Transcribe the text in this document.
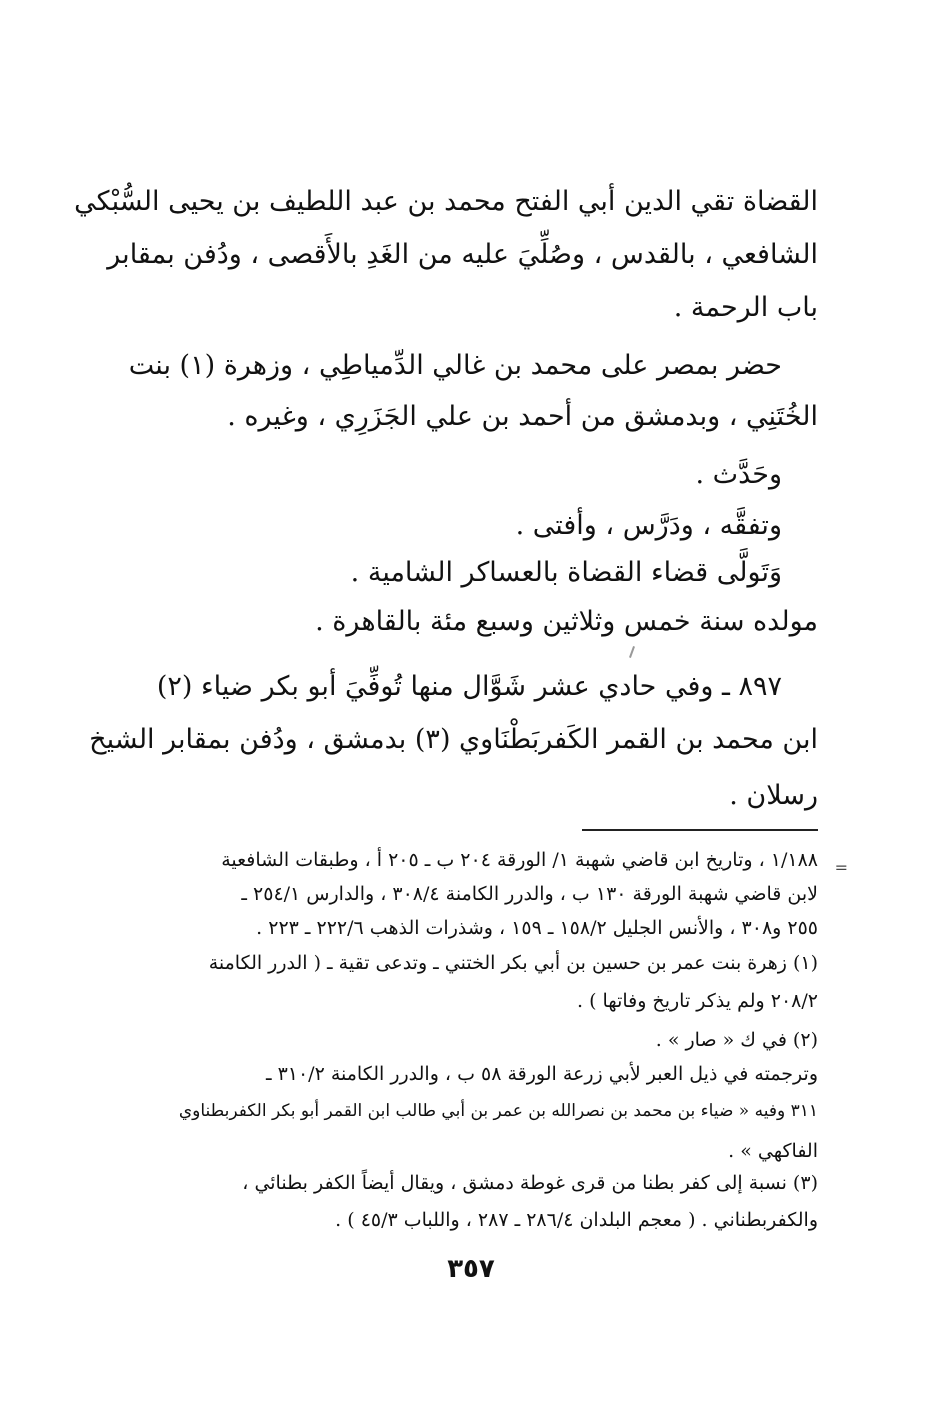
القضاة تقي الدين أبي الفتح محمد بن عبد اللطيف بن يحيى السُّبْكي
الشافعي ، بالقدس ، وصُلِّيَ عليه من الغَدِ بالأَقصى ، ودُفن بمقابر
باب الرحمة .
حضر بمصر على محمد بن غالي الدِّمياطِي ، وزهرة (١) بنت
الخُتَنِي ، وبدمشق من أحمد بن علي الجَزَرِي ، وغيره .
وحَدَّث .
وتفقَّه ، ودَرَّس ، وأفتى .
وَتَولَّى قضاء القضاة بالعساكر الشامية .
مولده سنة خمس وثلاثين وسبع مئة بالقاهرة .
٨٩٧ ـ وفي حادي عشر شَوَّال منها تُوفِّيَ أبو بكر ضياء (٢)
ابن محمد بن القمر الكَفربَطْنَاوي (٣) بدمشق ، ودُفن بمقابر الشيخ
رسلان .
=
١/١٨٨ ، وتاريخ ابن قاضي شهبة ١/ الورقة ٢٠٤ ب ـ ٢٠٥ أ ، وطبقات الشافعية
لابن قاضي شهبة الورقة ١٣٠ ب ، والدرر الكامنة ٣٠٨/٤ ، والدارس ٢٥٤/١ ـ
٢٥٥ و٣٠٨ ، والأنس الجليل ١٥٨/٢ ـ ١٥٩ ، وشذرات الذهب ٢٢٢/٦ ـ ٢٢٣ .
(١) زهرة بنت عمر بن حسين بن أبي بكر الختني ـ وتدعى تقية ـ ( الدرر الكامنة
٢٠٨/٢ ولم يذكر تاريخ وفاتها ) .
(٢) في ك « صار » .
وترجمته في ذيل العبر لأبي زرعة الورقة ٥٨ ب ، والدرر الكامنة ٣١٠/٢ ـ
٣١١ وفيه « ضياء بن محمد بن نصرالله بن عمر بن أبي طالب ابن القمر أبو بكر الكفربطناوي
الفاكهي » .
(٣) نسبة إلى كفر بطنا من قرى غوطة دمشق ، ويقال أيضاً الكفر بطنائي ،
والكفربطناني . ( معجم البلدان ٢٨٦/٤ ـ ٢٨٧ ، واللباب ٤٥/٣ ) .
٣٥٧
